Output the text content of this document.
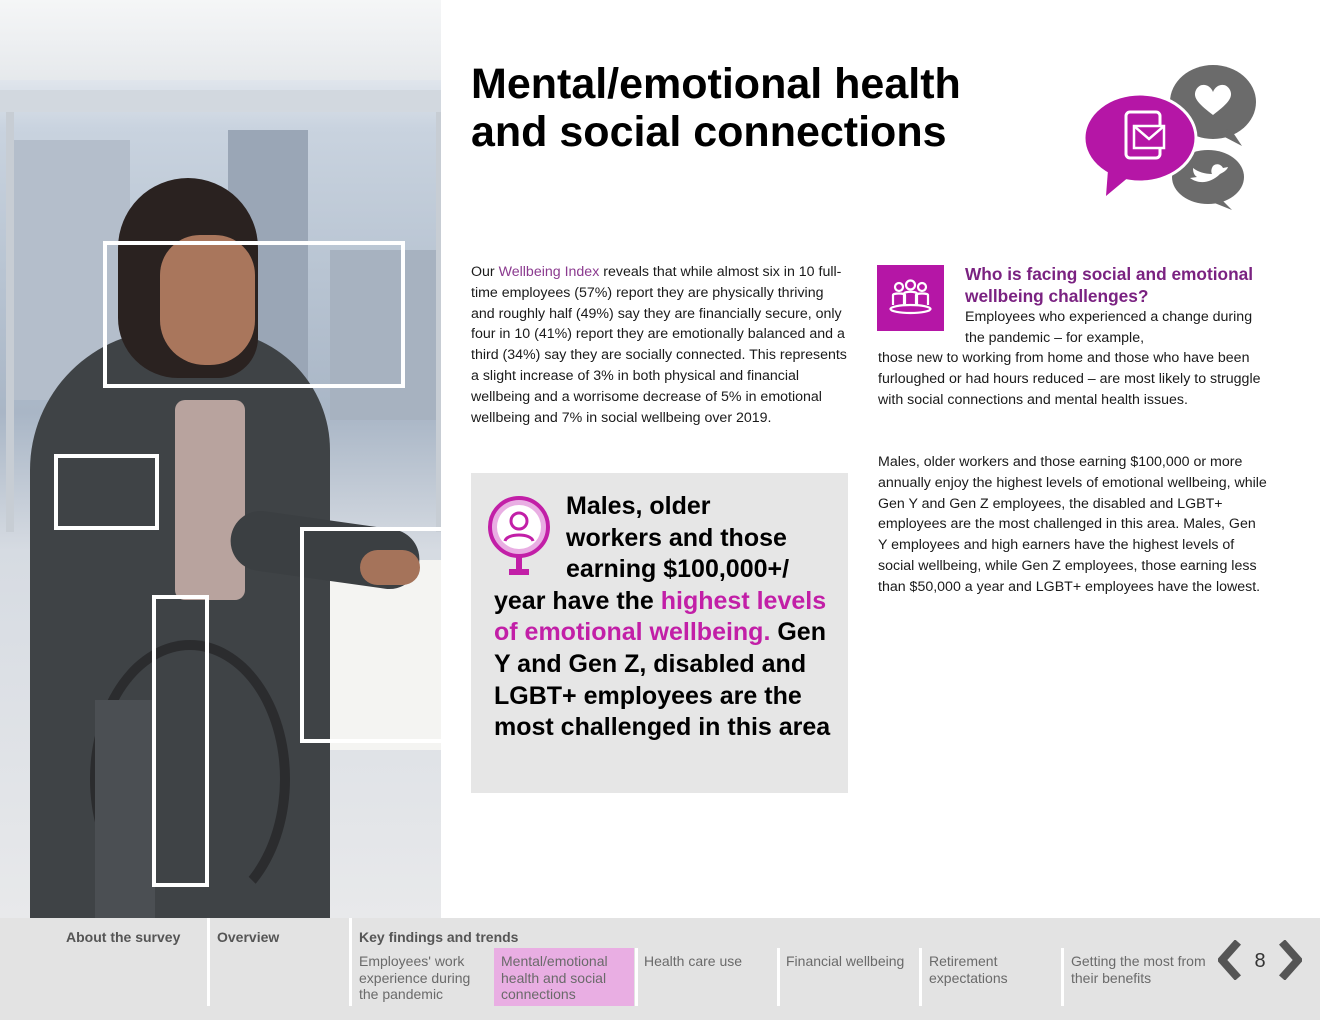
Mental/emotional health
and social connections

Our Wellbeing Index reveals that while almost six in 10 full-time employees (57%) report they are physically thriving and roughly half (49%) say they are financially secure, only four in 10 (41%) report they are emotionally balanced and a third (34%) say they are socially connected. This represents a slight increase of 3% in both physical and financial wellbeing and a worrisome decrease of 5% in emotional wellbeing and 7% in social wellbeing over 2019.

Males, older
workers and those
earning $100,000+/
year have the highest levels of emotional wellbeing. Gen Y and Gen Z, disabled and LGBT+ employees are the most challenged in this area

Who is facing social and emotional wellbeing challenges?

Employees who experienced a change during the pandemic – for example,

those new to working from home and those who have been furloughed or had hours reduced – are most likely to struggle with social connections and mental health issues.

Males, older workers and those earning $100,000 or more annually enjoy the highest levels of emotional wellbeing, while Gen Y and Gen Z employees, the disabled and LGBT+ employees are the most challenged in this area. Males, Gen Y employees and high earners have the highest levels of social wellbeing, while Gen Z employees, those earning less than $50,000 a year and LGBT+ employees have the lowest.

About the survey	Overview	Key findings and trends
Employees' work experience during the pandemic
Mental/emotional health and social connections
Health care use	Financial wellbeing	Retirement expectations
Getting the most from their benefits
8
